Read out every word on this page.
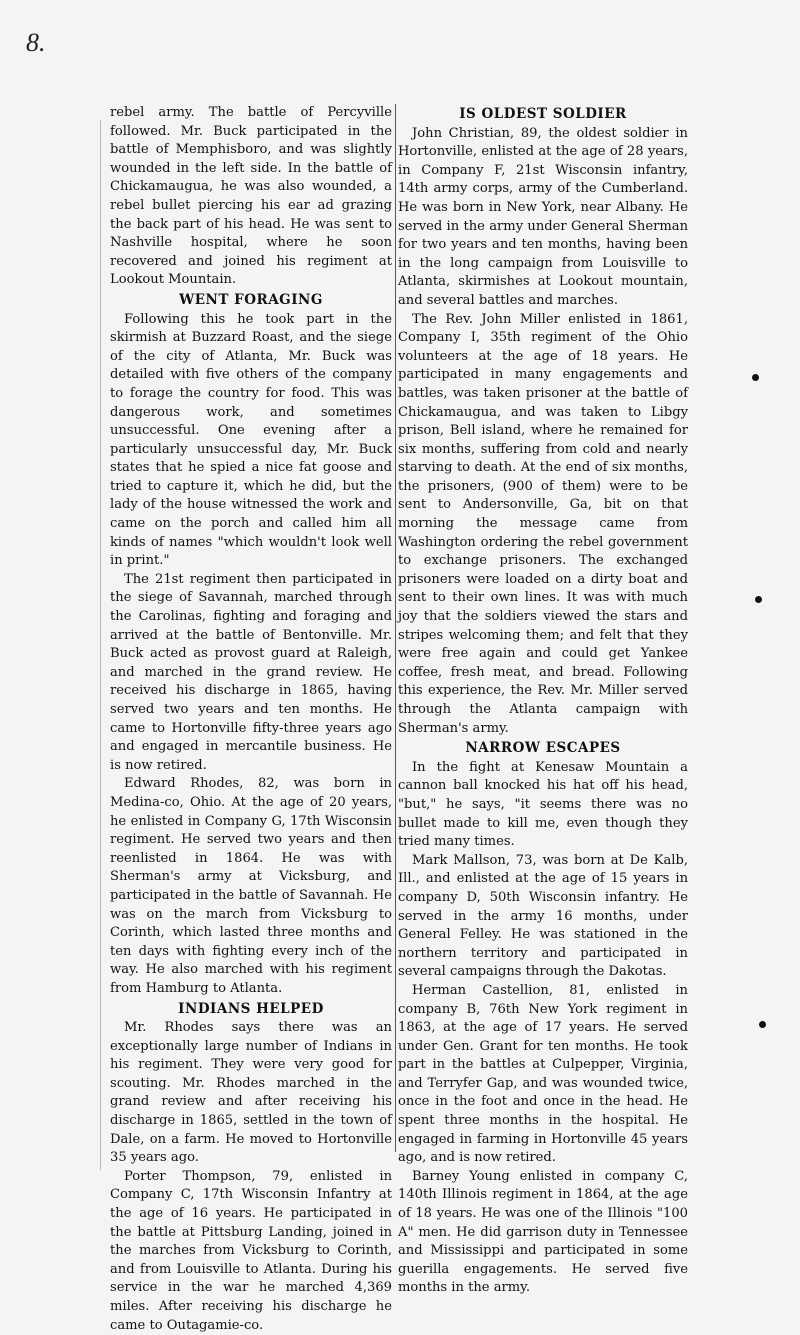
8.

rebel army. The battle of Percyville followed. Mr. Buck participated in the battle of Memphisboro, and was slightly wounded in the left side. In the battle of Chickamaugua, he was also wounded, a rebel bullet piercing his ear ad grazing the back part of his head. He was sent to Nashville hospital, where he soon recovered and joined his regiment at Lookout Mountain.

WENT FORAGING

Following this he took part in the skirmish at Buzzard Roast, and the siege of the city of Atlanta, Mr. Buck was detailed with five others of the company to forage the country for food. This was dangerous work, and sometimes unsuccessful. One evening after a particularly unsuccessful day, Mr. Buck states that he spied a nice fat goose and tried to capture it, which he did, but the lady of the house witnessed the work and came on the porch and called him all kinds of names "which wouldn't look well in print."

The 21st regiment then participated in the siege of Savannah, marched through the Carolinas, fighting and foraging and arrived at the battle of Bentonville. Mr. Buck acted as provost guard at Raleigh, and marched in the grand review. He received his discharge in 1865, having served two years and ten months. He came to Hortonville fifty-three years ago and engaged in mercantile business. He is now retired.

Edward Rhodes, 82, was born in Medina-co, Ohio. At the age of 20 years, he enlisted in Company G, 17th Wisconsin regiment. He served two years and then reenlisted in 1864. He was with Sherman's army at Vicksburg, and participated in the battle of Savannah. He was on the march from Vicksburg to Corinth, which lasted three months and ten days with fighting every inch of the way. He also marched with his regiment from Hamburg to Atlanta.

INDIANS HELPED

Mr. Rhodes says there was an exceptionally large number of Indians in his regiment. They were very good for scouting. Mr. Rhodes marched in the grand review and after receiving his discharge in 1865, settled in the town of Dale, on a farm. He moved to Hortonville 35 years ago.

Porter Thompson, 79, enlisted in Company C, 17th Wisconsin Infantry at the age of 16 years. He participated in the battle at Pittsburg Landing, joined in the marches from Vicksburg to Corinth, and from Louisville to Atlanta. During his service in the war he marched 4,369 miles. After receiving his discharge he came to Outagamie-co.

IS OLDEST SOLDIER

John Christian, 89, the oldest soldier in Hortonville, enlisted at the age of 28 years, in Company F, 21st Wisconsin infantry, 14th army corps, army of the Cumberland. He was born in New York, near Albany. He served in the army under General Sherman for two years and ten months, having been in the long campaign from Louisville to Atlanta, skirmishes at Lookout mountain, and several battles and marches.

The Rev. John Miller enlisted in 1861, Company I, 35th regiment of the Ohio volunteers at the age of 18 years. He participated in many engagements and battles, was taken prisoner at the battle of Chickamaugua, and was taken to Libgy prison, Bell island, where he remained for six months, suffering from cold and nearly starving to death. At the end of six months, the prisoners, (900 of them) were to be sent to Andersonville, Ga, bit on that morning the message came from Washington ordering the rebel government to exchange prisoners. The exchanged prisoners were loaded on a dirty boat and sent to their own lines. It was with much joy that the soldiers viewed the stars and stripes welcoming them; and felt that they were free again and could get Yankee coffee, fresh meat, and bread. Following this experience, the Rev. Mr. Miller served through the Atlanta campaign with Sherman's army.

NARROW ESCAPES

In the fight at Kenesaw Mountain a cannon ball knocked his hat off his head, "but," he says, "it seems there was no bullet made to kill me, even though they tried many times.

Mark Mallson, 73, was born at De Kalb, Ill., and enlisted at the age of 15 years in company D, 50th Wisconsin infantry. He served in the army 16 months, under General Felley. He was stationed in the northern territory and participated in several campaigns through the Dakotas.

Herman Castellion, 81, enlisted in company B, 76th New York regiment in 1863, at the age of 17 years. He served under Gen. Grant for ten months. He took part in the battles at Culpepper, Virginia, and Terryfer Gap, and was wounded twice, once in the foot and once in the head. He spent three months in the hospital. He engaged in farming in Hortonville 45 years ago, and is now retired.

Barney Young enlisted in company C, 140th Illinois regiment in 1864, at the age of 18 years. He was one of the Illinois "100 A" men. He did garrison duty in Tennessee and Mississippi and participated in some guerilla engagements. He served five months in the army.
